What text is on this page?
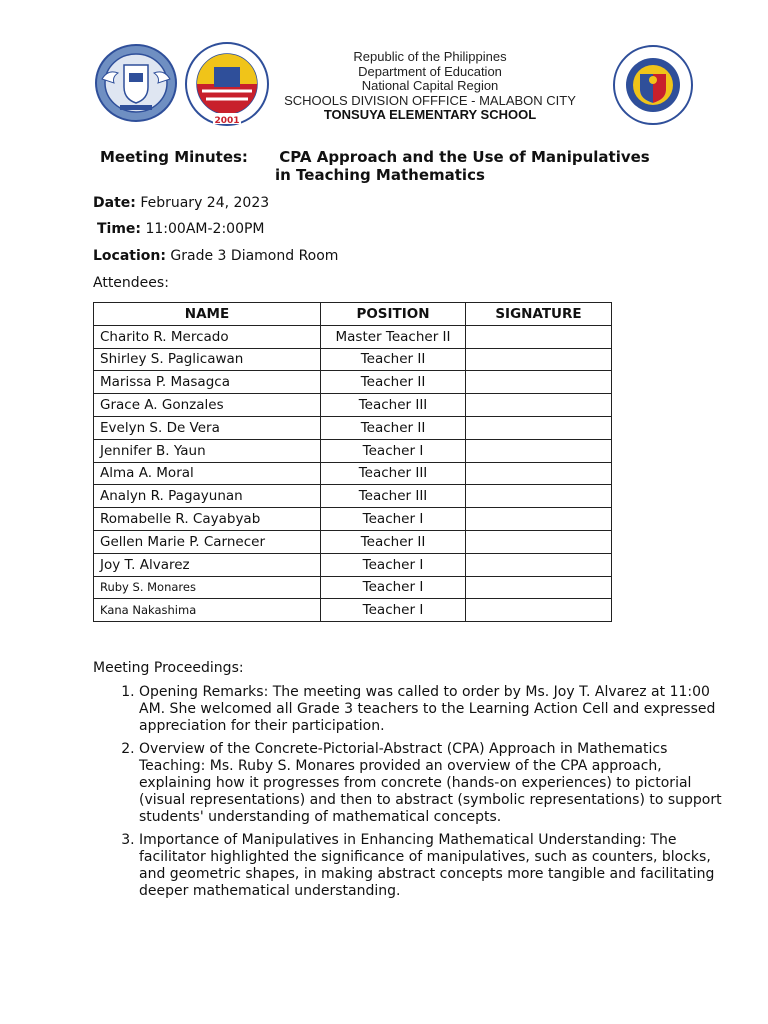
2001
Republic of the Philippines
Department of Education
National Capital Region
SCHOOLS DIVISION OFFFICE - MALABON CITY
TONSUYA ELEMENTARY SCHOOL
Meeting Minutes:      CPA Approach and the Use of Manipulatives
in Teaching Mathematics
Date: February 24, 2023
Time: 11:00AM-2:00PM
Location: Grade 3 Diamond Room
Attendees:
NAME	POSITION	SIGNATURE
Charito R. Mercado	Master Teacher II	
Shirley S. Paglicawan	Teacher II	
Marissa P. Masagca	Teacher II	
Grace A. Gonzales	Teacher III	
Evelyn S. De Vera	Teacher II	
Jennifer B. Yaun	Teacher I	
Alma A. Moral	Teacher III	
Analyn R. Pagayunan	Teacher III	
Romabelle R. Cayabyab	Teacher I	
Gellen Marie P. Carnecer	Teacher II	
Joy T. Alvarez	Teacher I	
Ruby S. Monares	Teacher I	
Kana Nakashima	Teacher I	
Meeting Proceedings:
1. Opening Remarks: The meeting was called to order by Ms. Joy T. Alvarez at 11:00 AM. She welcomed all Grade 3 teachers to the Learning Action Cell and expressed appreciation for their participation.
2. Overview of the Concrete-Pictorial-Abstract (CPA) Approach in Mathematics Teaching: Ms. Ruby S. Monares provided an overview of the CPA approach, explaining how it progresses from concrete (hands-on experiences) to pictorial (visual representations) and then to abstract (symbolic representations) to support students' understanding of mathematical concepts.
3. Importance of Manipulatives in Enhancing Mathematical Understanding: The facilitator highlighted the significance of manipulatives, such as counters, blocks, and geometric shapes, in making abstract concepts more tangible and facilitating deeper mathematical understanding.
